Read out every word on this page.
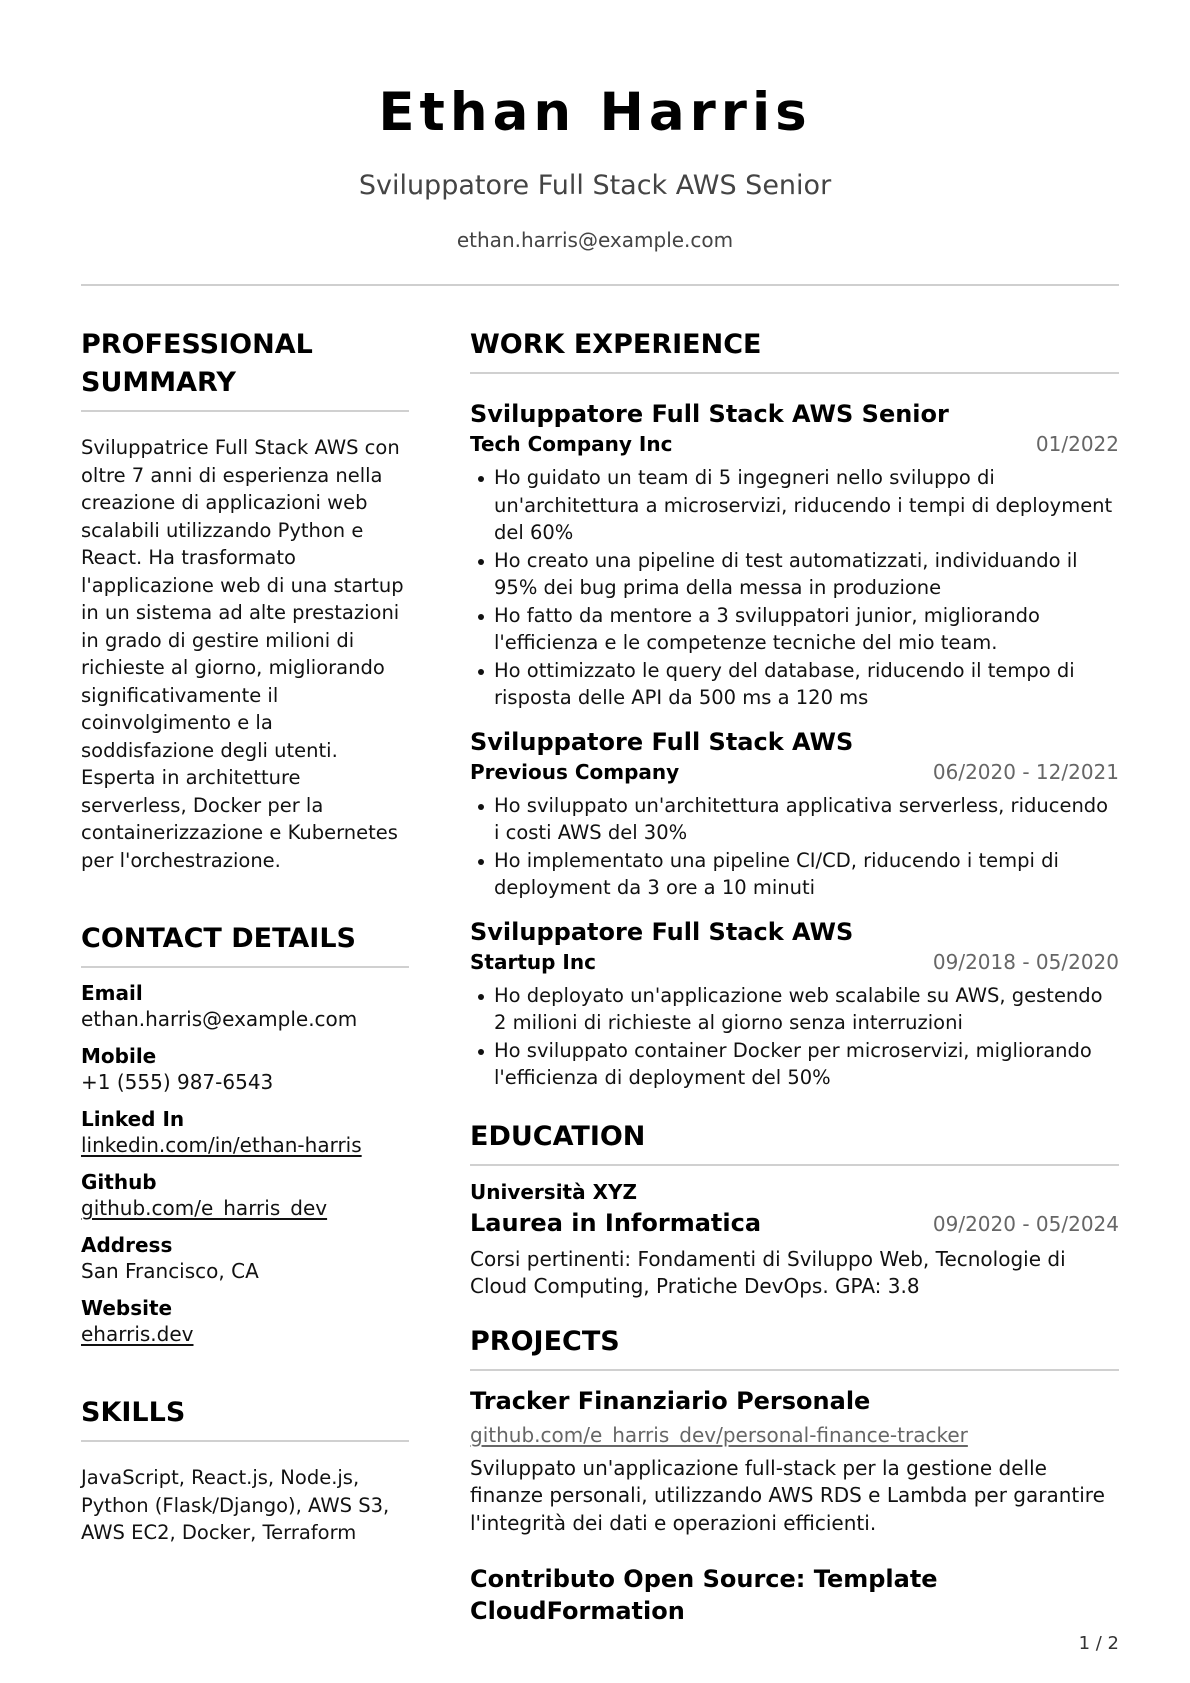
Ethan Harris
Sviluppatore Full Stack AWS Senior
ethan.harris@example.com
PROFESSIONAL SUMMARY

Sviluppatrice Full Stack AWS con oltre 7 anni di esperienza nella creazione di applicazioni web scalabili utilizzando Python e React. Ha trasformato l'applicazione web di una startup in un sistema ad alte prestazioni in grado di gestire milioni di richieste al giorno, migliorando significativamente il coinvolgimento e la soddisfazione degli utenti. Esperta in architetture serverless, Docker per la containerizzazione e Kubernetes per l'orchestrazione.

CONTACT DETAILS
Email
ethan.harris@example.com
Mobile
+1 (555) 987-6543
Linked In
linkedin.com/in/ethan-harris
Github
github.com/e_harris_dev
Address
San Francisco, CA
Website
eharris.dev
SKILLS

JavaScript, React.js, Node.js, Python (Flask/Django), AWS S3, AWS EC2, Docker, Terraform

WORK EXPERIENCE
Sviluppatore Full Stack AWS Senior
Tech Company Inc	01/2022
Ho guidato un team di 5 ingegneri nello sviluppo di un'architettura a microservizi, riducendo i tempi di deployment del 60%
Ho creato una pipeline di test automatizzati, individuando il 95% dei bug prima della messa in produzione
Ho fatto da mentore a 3 sviluppatori junior, migliorando l'efficienza e le competenze tecniche del mio team.
Ho ottimizzato le query del database, riducendo il tempo di risposta delle API da 500 ms a 120 ms
Sviluppatore Full Stack AWS
Previous Company	06/2020 - 12/2021
Ho sviluppato un'architettura applicativa serverless, riducendo i costi AWS del 30%
Ho implementato una pipeline CI/CD, riducendo i tempi di deployment da 3 ore a 10 minuti
Sviluppatore Full Stack AWS
Startup Inc	09/2018 - 05/2020
Ho deployato un'applicazione web scalabile su AWS, gestendo 2 milioni di richieste al giorno senza interruzioni
Ho sviluppato container Docker per microservizi, migliorando l'efficienza di deployment del 50%
EDUCATION
Università XYZ
Laurea in Informatica	09/2020 - 05/2024

Corsi pertinenti: Fondamenti di Sviluppo Web, Tecnologie di Cloud Computing, Pratiche DevOps. GPA: 3.8

PROJECTS
Tracker Finanziario Personale
github.com/e_harris_dev/personal-finance-tracker

Sviluppato un'applicazione full-stack per la gestione delle finanze personali, utilizzando AWS RDS e Lambda per garantire l'integrità dei dati e operazioni efficienti.

Contributo Open Source: Template CloudFormation
1 / 2
